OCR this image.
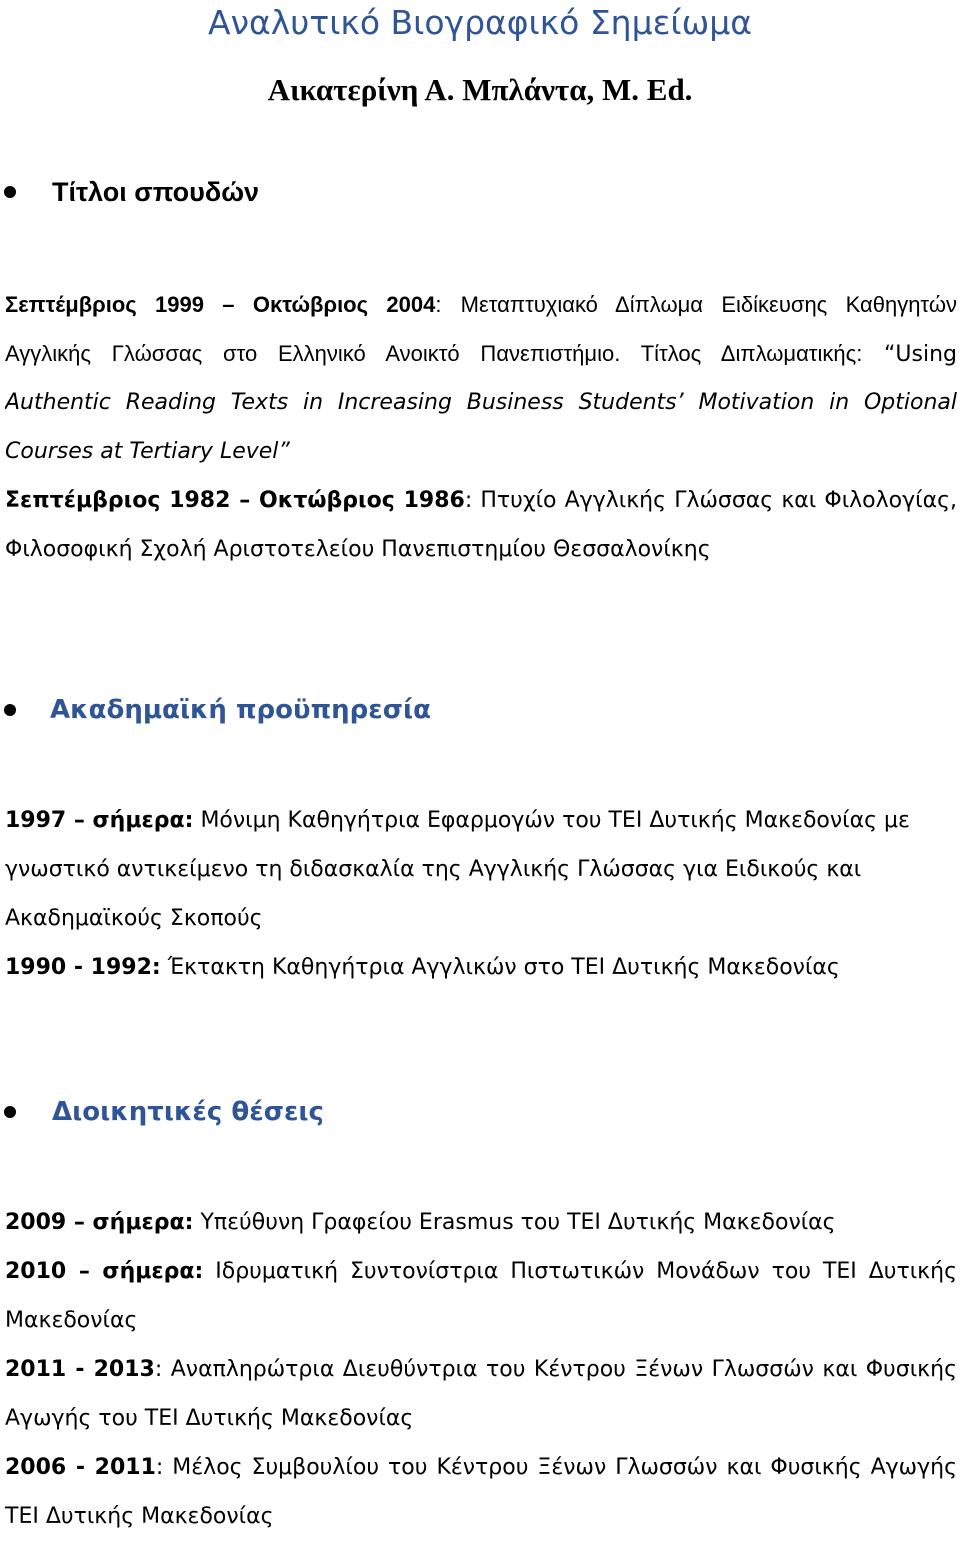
Αναλυτικό Βιογραφικό Σημείωμα
Αικατερίνη Α. Μπλάντα, M. Ed.
Τίτλοι σπουδών
Σεπτέμβριος 1999 – Οκτώβριος 2004: Μεταπτυχιακό Δίπλωμα Ειδίκευσης Καθηγητών
Αγγλικής Γλώσσας στο Ελληνικό Ανοικτό Πανεπιστήμιο. Τίτλος Διπλωματικής: “Using
Authentic Reading Texts in Increasing Business Students’ Motivation in Optional
Courses at Tertiary Level”
Σεπτέμβριος 1982 – Οκτώβριος 1986: Πτυχίο Αγγλικής Γλώσσας και Φιλολογίας,
Φιλοσοφική Σχολή Αριστοτελείου Πανεπιστημίου Θεσσαλονίκης
Ακαδημαϊκή προϋπηρεσία
1997 – σήμερα: Μόνιμη Καθηγήτρια Εφαρμογών του ΤΕΙ Δυτικής Μακεδονίας με
γνωστικό αντικείμενο τη διδασκαλία της Αγγλικής Γλώσσας για Ειδικούς και
Ακαδημαϊκούς Σκοπούς
1990 - 1992: Έκτακτη Καθηγήτρια Αγγλικών στο ΤΕΙ Δυτικής Μακεδονίας
Διοικητικές θέσεις
2009 – σήμερα: Υπεύθυνη Γραφείου Erasmus του ΤΕΙ Δυτικής Μακεδονίας
2010 – σήμερα: Ιδρυματική Συντονίστρια Πιστωτικών Μονάδων του ΤΕΙ Δυτικής
Μακεδονίας
2011 - 2013: Αναπληρώτρια Διευθύντρια του Κέντρου Ξένων Γλωσσών και Φυσικής
Αγωγής του ΤΕΙ Δυτικής Μακεδονίας
2006 - 2011: Μέλος Συμβουλίου του Κέντρου Ξένων Γλωσσών και Φυσικής Αγωγής
ΤΕΙ Δυτικής Μακεδονίας
